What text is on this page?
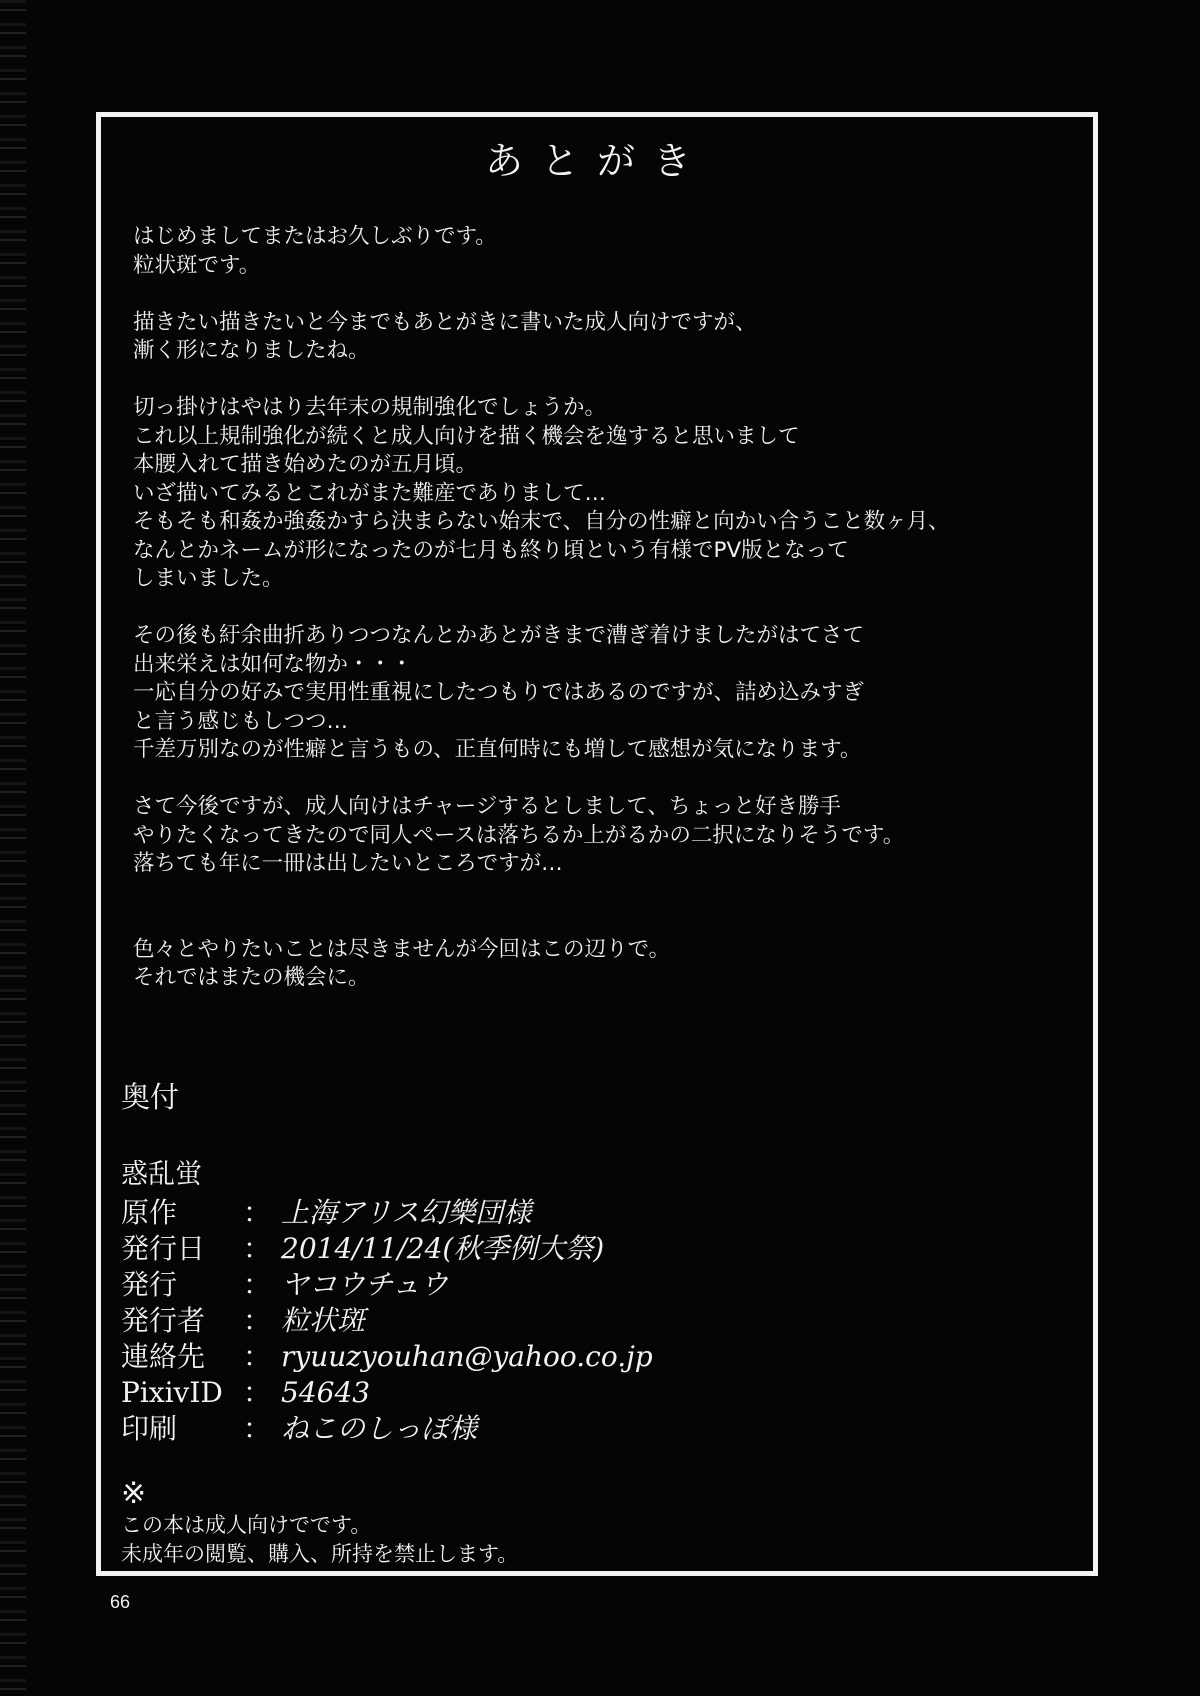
あとがき

はじめましてまたはお久しぶりです。

粒状斑です。

描きたい描きたいと今までもあとがきに書いた成人向けですが、

漸く形になりましたね。

切っ掛けはやはり去年末の規制強化でしょうか。

これ以上規制強化が続くと成人向けを描く機会を逸すると思いまして

本腰入れて描き始めたのが五月頃。

いざ描いてみるとこれがまた難産でありまして…

そもそも和姦か強姦かすら決まらない始末で、自分の性癖と向かい合うこと数ヶ月、

なんとかネームが形になったのが七月も終り頃という有様でPV版となって

しまいました。

その後も紆余曲折ありつつなんとかあとがきまで漕ぎ着けましたがはてさて

出来栄えは如何な物か・・・

一応自分の好みで実用性重視にしたつもりではあるのですが、詰め込みすぎ

と言う感じもしつつ…

千差万別なのが性癖と言うもの、正直何時にも増して感想が気になります。

さて今後ですが、成人向けはチャージするとしまして、ちょっと好き勝手

やりたくなってきたので同人ペースは落ちるか上がるかの二択になりそうです。

落ちても年に一冊は出したいところですが…

色々とやりたいことは尽きませんが今回はこの辺りで。

それではまたの機会に。

奥付

惑乱蛍

原作	： 上海アリス幻樂団様
発行日	： 2014/11/24(秋季例大祭)
発行	： ヤコウチュウ
発行者	： 粒状斑
連絡先	： ryuuzyouhan@yahoo.co.jp
PixivID ： 54643
印刷	： ねこのしっぽ様
※

この本は成人向けでです。

未成年の閲覧、購入、所持を禁止します。

66
